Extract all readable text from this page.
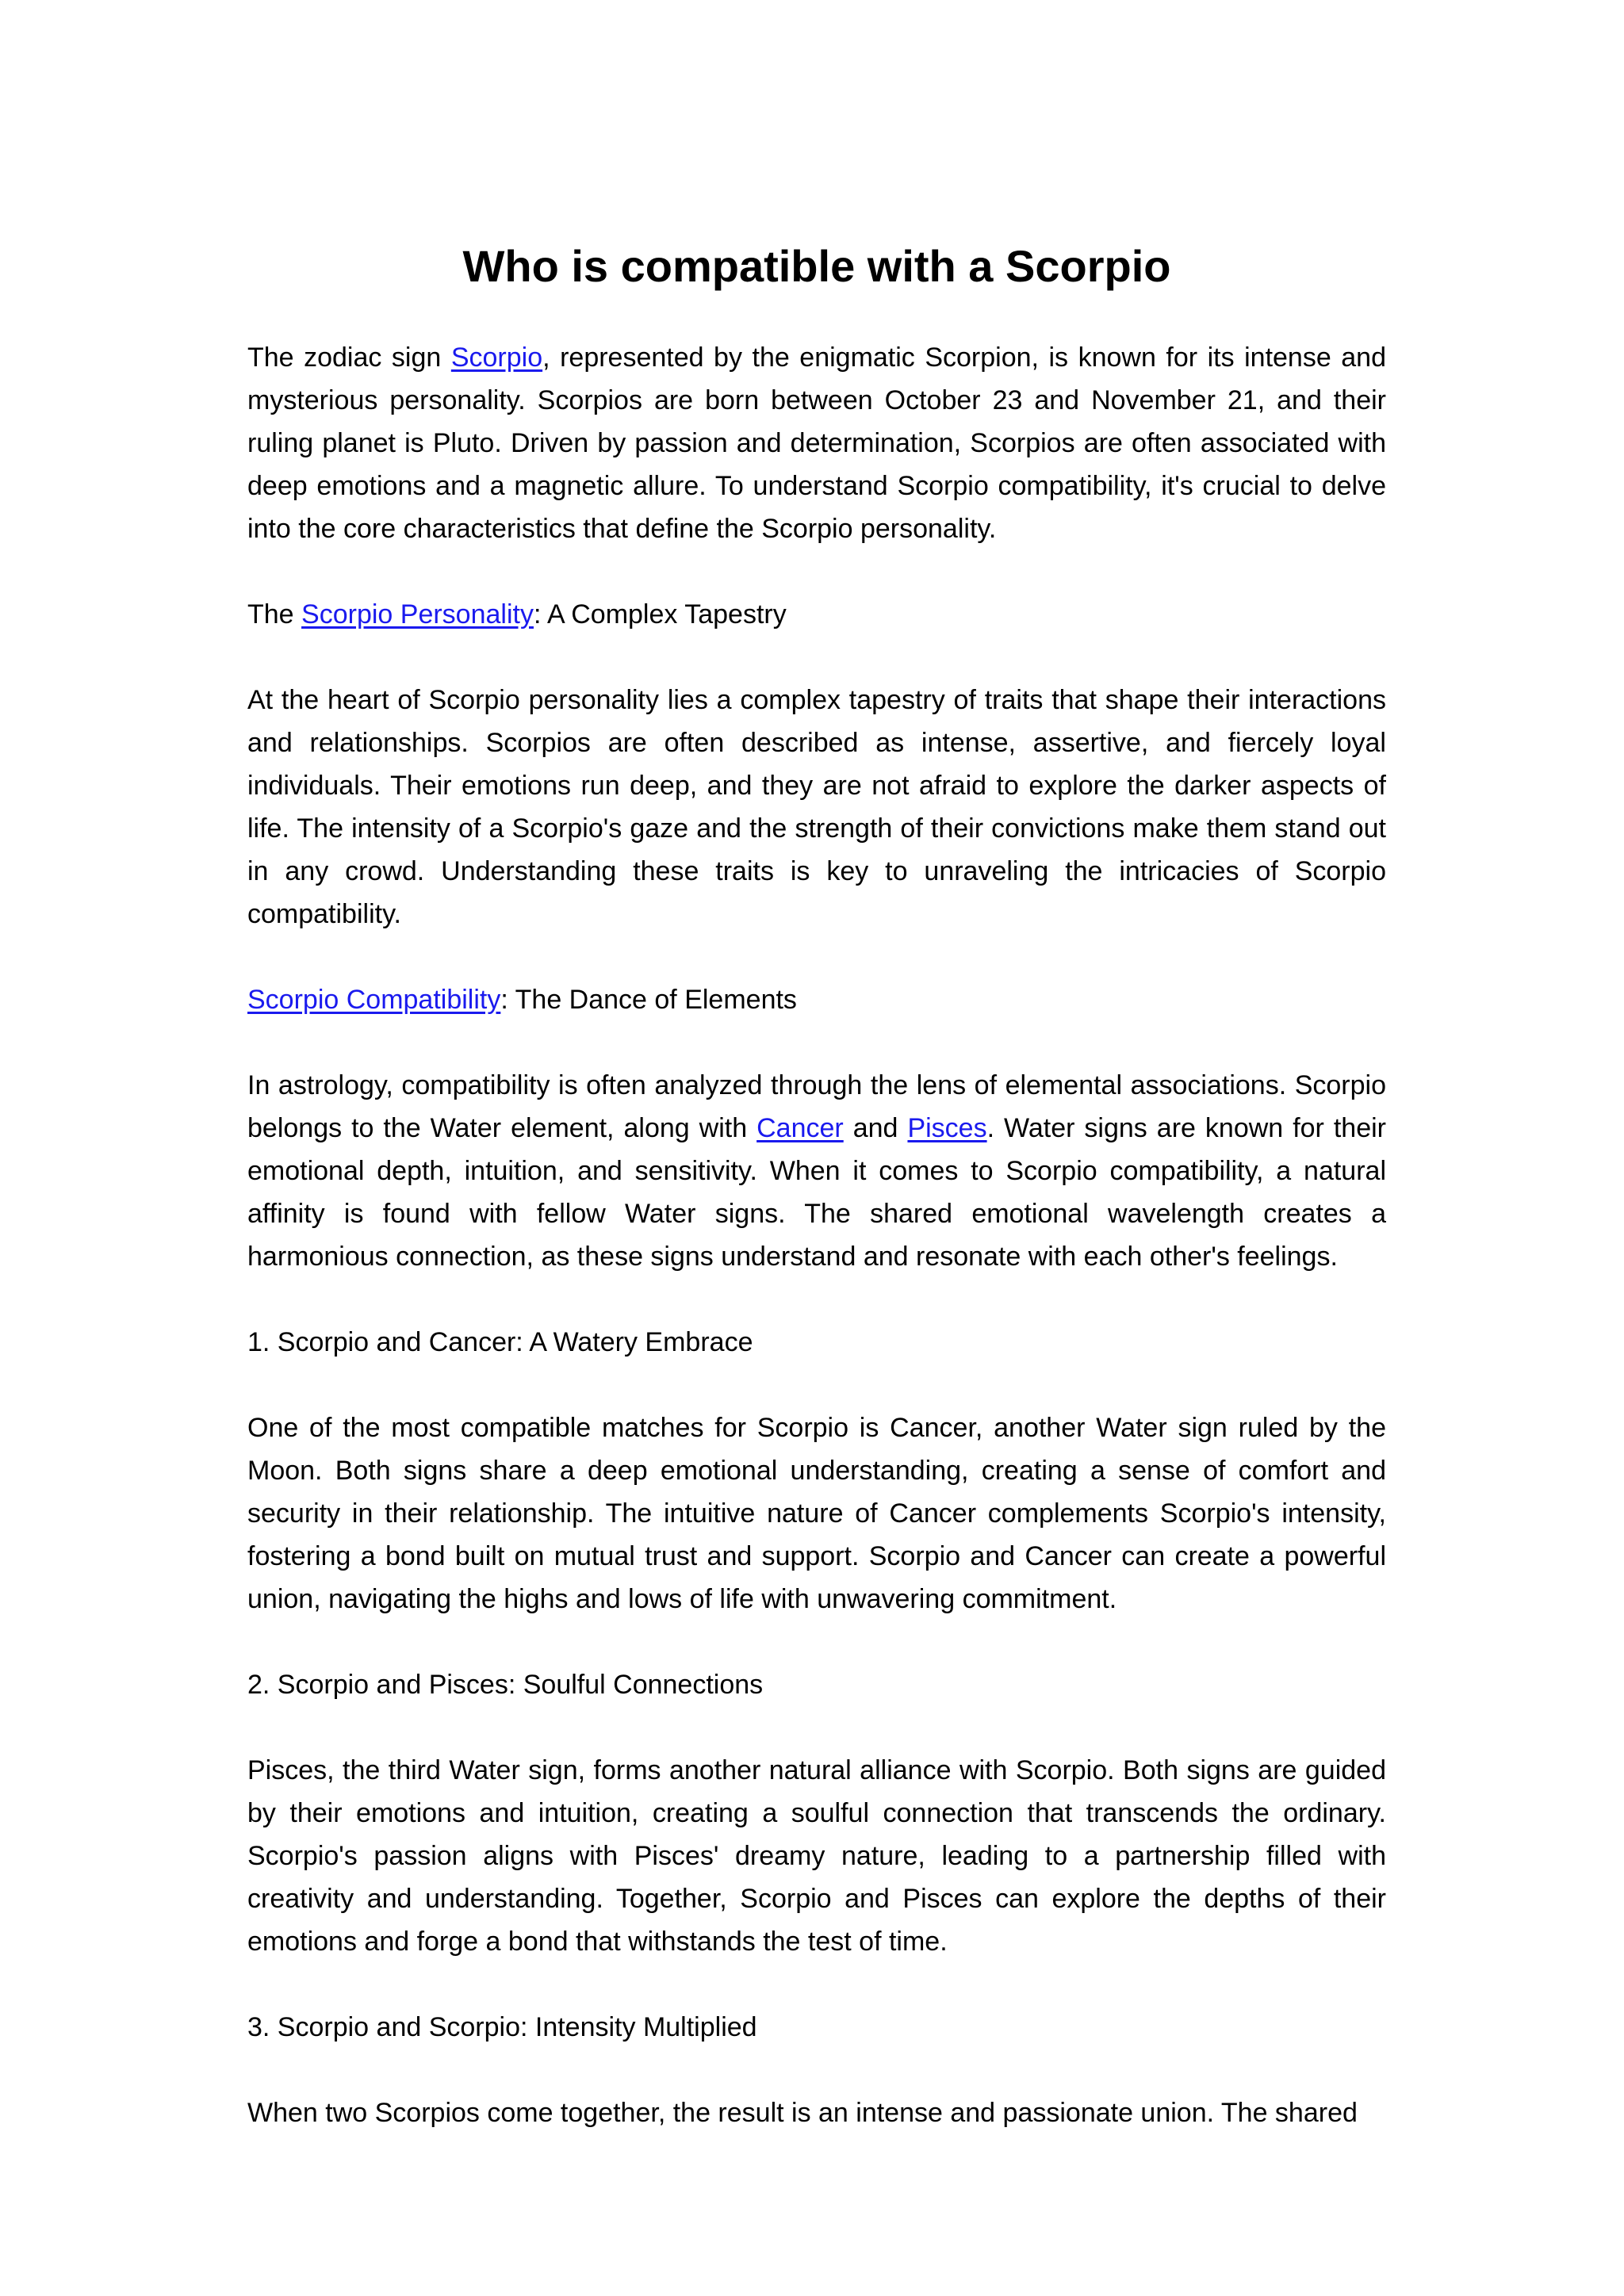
Who is compatible with a Scorpio

The zodiac sign Scorpio, represented by the enigmatic Scorpion, is known for its intense and mysterious personality. Scorpios are born between October 23 and November 21, and their ruling planet is Pluto. Driven by passion and determination, Scorpios are often associated with deep emotions and a magnetic allure. To understand Scorpio compatibility, it's crucial to delve into the core characteristics that define the Scorpio personality.

The Scorpio Personality: A Complex Tapestry

At the heart of Scorpio personality lies a complex tapestry of traits that shape their interactions and relationships. Scorpios are often described as intense, assertive, and fiercely loyal individuals. Their emotions run deep, and they are not afraid to explore the darker aspects of life. The intensity of a Scorpio's gaze and the strength of their convictions make them stand out in any crowd. Understanding these traits is key to unraveling the intricacies of Scorpio compatibility.

Scorpio Compatibility: The Dance of Elements

In astrology, compatibility is often analyzed through the lens of elemental associations. Scorpio belongs to the Water element, along with Cancer and Pisces. Water signs are known for their emotional depth, intuition, and sensitivity. When it comes to Scorpio compatibility, a natural affinity is found with fellow Water signs. The shared emotional wavelength creates a harmonious connection, as these signs understand and resonate with each other's feelings.

1. Scorpio and Cancer: A Watery Embrace

One of the most compatible matches for Scorpio is Cancer, another Water sign ruled by the Moon. Both signs share a deep emotional understanding, creating a sense of comfort and security in their relationship. The intuitive nature of Cancer complements Scorpio's intensity, fostering a bond built on mutual trust and support. Scorpio and Cancer can create a powerful union, navigating the highs and lows of life with unwavering commitment.

2. Scorpio and Pisces: Soulful Connections

Pisces, the third Water sign, forms another natural alliance with Scorpio. Both signs are guided by their emotions and intuition, creating a soulful connection that transcends the ordinary. Scorpio's passion aligns with Pisces' dreamy nature, leading to a partnership filled with creativity and understanding. Together, Scorpio and Pisces can explore the depths of their emotions and forge a bond that withstands the test of time.

3. Scorpio and Scorpio: Intensity Multiplied

When two Scorpios come together, the result is an intense and passionate union. The shared
